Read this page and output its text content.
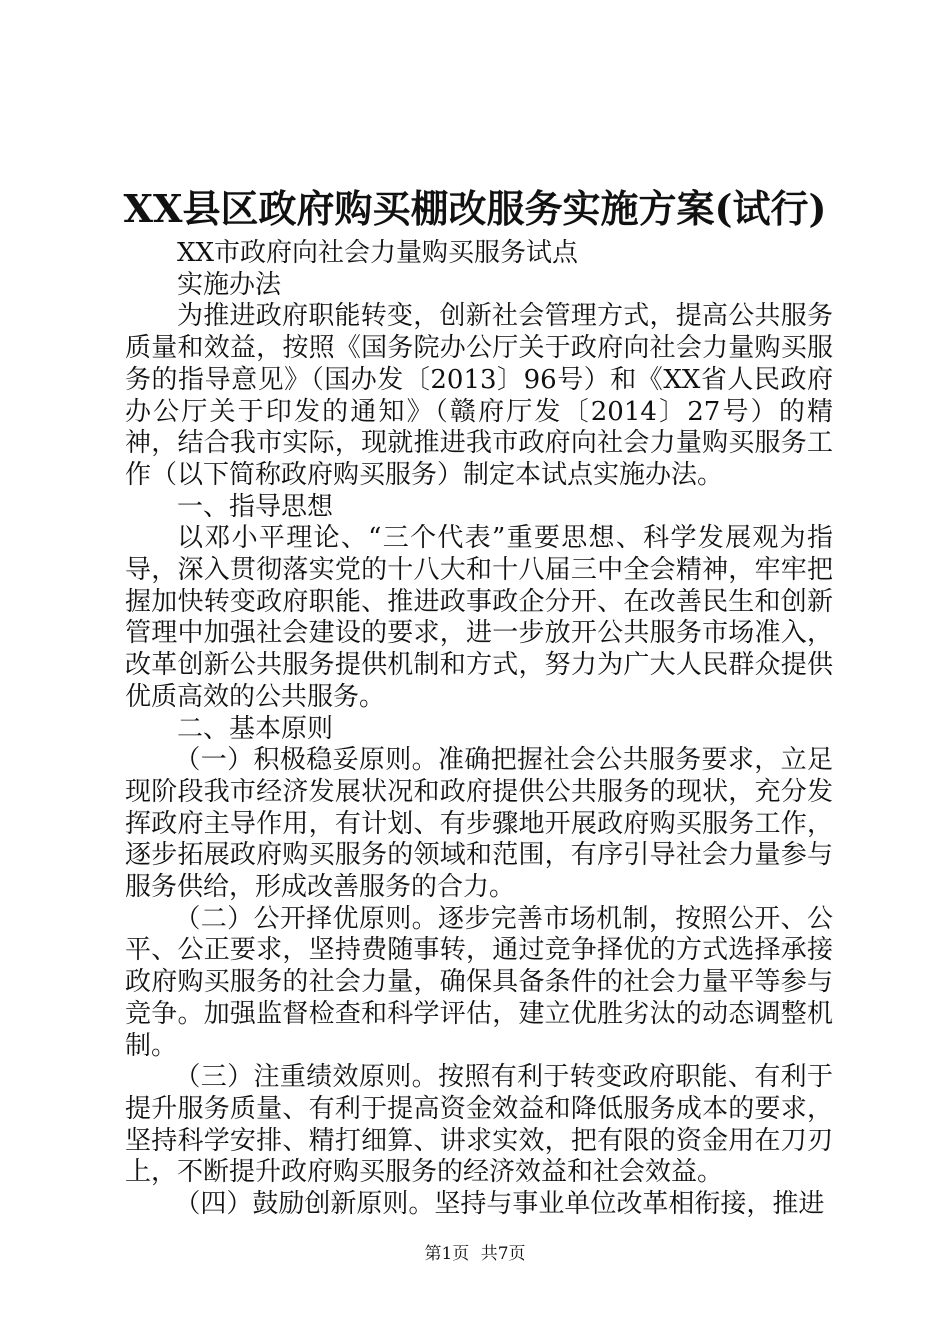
XX县区政府购买棚改服务实施方案(试行)

XX市政府向社会力量购买服务试点

实施办法

为推进政府职能转变，创新社会管理方式，提高公共服务质量和效益，按照《国务院办公厅关于政府向社会力量购买服务的指导意见》（国办发〔2013〕96号）和《XX省人民政府办公厅关于印发的通知》（赣府厅发〔2014〕27号）的精神，结合我市实际，现就推进我市政府向社会力量购买服务工作（以下简称政府购买服务）制定本试点实施办法。

一、指导思想

以邓小平理论、“三个代表”重要思想、科学发展观为指导，深入贯彻落实党的十八大和十八届三中全会精神，牢牢把握加快转变政府职能、推进政事政企分开、在改善民生和创新管理中加强社会建设的要求，进一步放开公共服务市场准入，改革创新公共服务提供机制和方式，努力为广大人民群众提供优质高效的公共服务。

二、基本原则

（一）积极稳妥原则。准确把握社会公共服务要求，立足现阶段我市经济发展状况和政府提供公共服务的现状，充分发挥政府主导作用，有计划、有步骤地开展政府购买服务工作，逐步拓展政府购买服务的领域和范围，有序引导社会力量参与服务供给，形成改善服务的合力。

（二）公开择优原则。逐步完善市场机制，按照公开、公平、公正要求，坚持费随事转，通过竞争择优的方式选择承接政府购买服务的社会力量，确保具备条件的社会力量平等参与竞争。加强监督检查和科学评估，建立优胜劣汰的动态调整机制。

（三）注重绩效原则。按照有利于转变政府职能、有利于提升服务质量、有利于提高资金效益和降低服务成本的要求，坚持科学安排、精打细算、讲求实效，把有限的资金用在刀刃上，不断提升政府购买服务的经济效益和社会效益。

（四）鼓励创新原则。坚持与事业单位改革相衔接，推进

第1页 共7页
